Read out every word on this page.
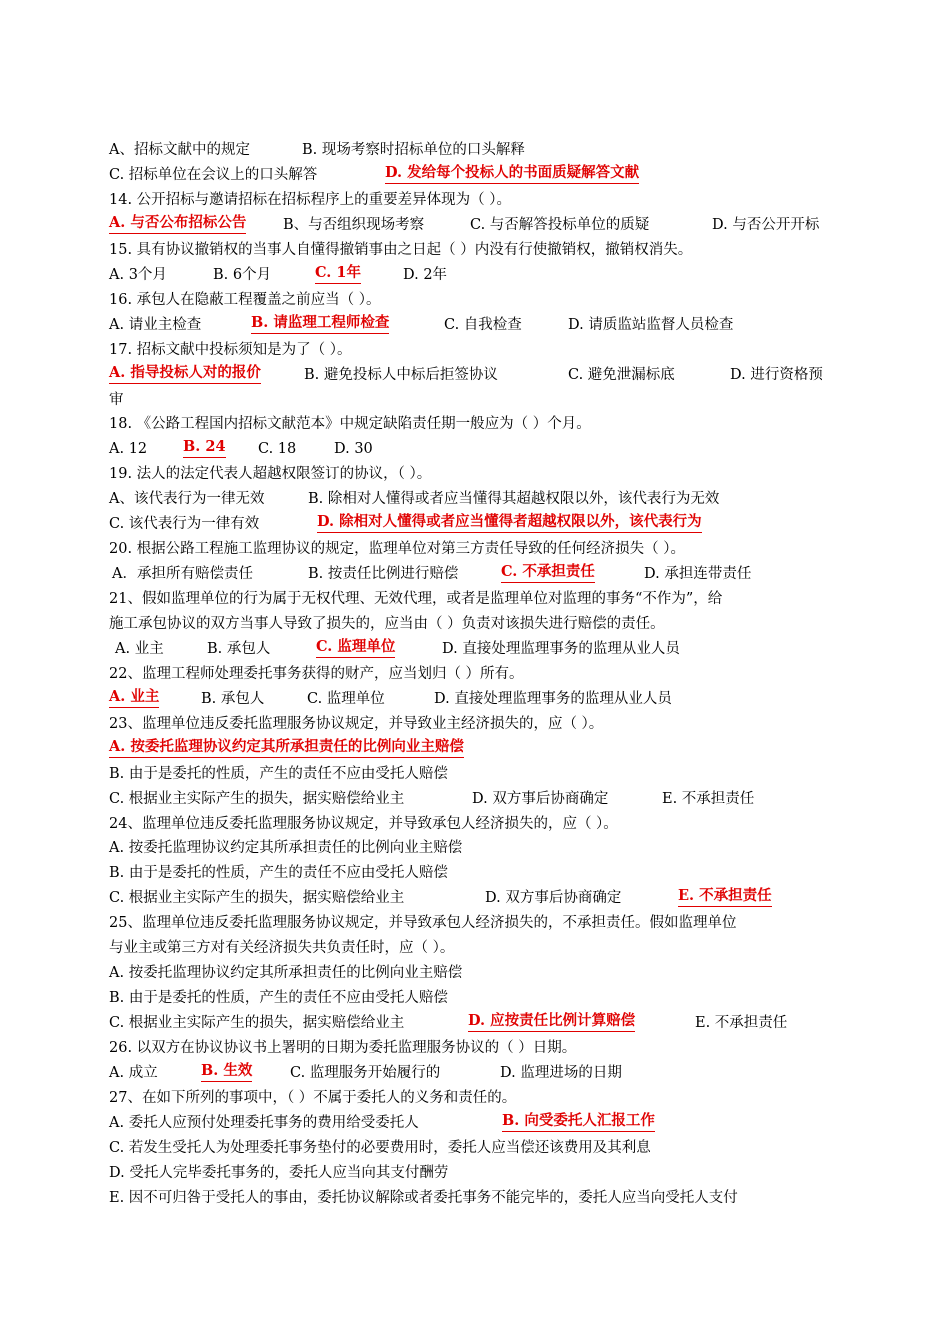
A、招标文献中的规定	B. 现场考察时招标单位的口头解释
C. 招标单位在会议上的口头解答	D. 发给每个投标人的书面质疑解答文献
14. 公开招标与邀请招标在招标程序上的重要差异体现为（ ）。
A. 与否公布招标公告	B、与否组织现场考察	C. 与否解答投标单位的质疑	D. 与否公开开标
15. 具有协议撤销权的当事人自懂得撤销事由之日起（ ）内没有行使撤销权，撤销权消失。
A. 3个月	B. 6个月	C. 1年	D. 2年
16. 承包人在隐蔽工程覆盖之前应当（ ）。
A. 请业主检查	B. 请监理工程师检查	C. 自我检查	D. 请质监站监督人员检查
17. 招标文献中投标须知是为了（ ）。
A. 指导投标人对的报价	B. 避免投标人中标后拒签协议	C. 避免泄漏标底	D. 进行资格预
审
18. 《公路工程国内招标文献范本》中规定缺陷责任期一般应为（ ）个月。
A. 12 B. 24 C. 18	D. 30
19. 法人的法定代表人超越权限签订的协议，（ ）。
A、该代表行为一律无效	B. 除相对人懂得或者应当懂得其超越权限以外，该代表行为无效
C. 该代表行为一律有效	D. 除相对人懂得或者应当懂得者超越权限以外，该代表行为
20. 根据公路工程施工监理协议的规定，监理单位对第三方责任导致的任何经济损失（ ）。
A．承担所有赔偿责任	B. 按责任比例进行赔偿	C. 不承担责任	D. 承担连带责任
21、假如监理单位的行为属于无权代理、无效代理，或者是监理单位对监理的事务“不作为”，给
施工承包协议的双方当事人导致了损失的，应当由（ ）负责对该损失进行赔偿的责任。
A. 业主	B. 承包人	C. 监理单位	D. 直接处理监理事务的监理从业人员
22、监理工程师处理委托事务获得的财产，应当划归（ ）所有。
A. 业主	B. 承包人	C. 监理单位	D. 直接处理监理事务的监理从业人员
23、监理单位违反委托监理服务协议规定，并导致业主经济损失的，应（ ）。
A. 按委托监理协议约定其所承担责任的比例向业主赔偿
B. 由于是委托的性质，产生的责任不应由受托人赔偿
C. 根据业主实际产生的损失，据实赔偿给业主	D. 双方事后协商确定	E. 不承担责任
24、监理单位违反委托监理服务协议规定，并导致承包人经济损失的，应（ ）。
A. 按委托监理协议约定其所承担责任的比例向业主赔偿
B. 由于是委托的性质，产生的责任不应由受托人赔偿
C. 根据业主实际产生的损失，据实赔偿给业主	D. 双方事后协商确定	E. 不承担责任
25、监理单位违反委托监理服务协议规定，并导致承包人经济损失的，不承担责任。假如监理单位
与业主或第三方对有关经济损失共负责任时，应（ ）。
A. 按委托监理协议约定其所承担责任的比例向业主赔偿
B. 由于是委托的性质，产生的责任不应由受托人赔偿
C. 根据业主实际产生的损失，据实赔偿给业主	D. 应按责任比例计算赔偿	E. 不承担责任
26. 以双方在协议协议书上署明的日期为委托监理服务协议的（ ）日期。
A. 成立	B. 生效	C. 监理服务开始履行的	D. 监理进场的日期
27、在如下所列的事项中，（ ）不属于委托人的义务和责任的。
A. 委托人应预付处理委托事务的费用给受委托人	B. 向受委托人汇报工作
C. 若发生受托人为处理委托事务垫付的必要费用时，委托人应当偿还该费用及其利息
D. 受托人完毕委托事务的，委托人应当向其支付酬劳
E. 因不可归咎于受托人的事由，委托协议解除或者委托事务不能完毕的，委托人应当向受托人支付
